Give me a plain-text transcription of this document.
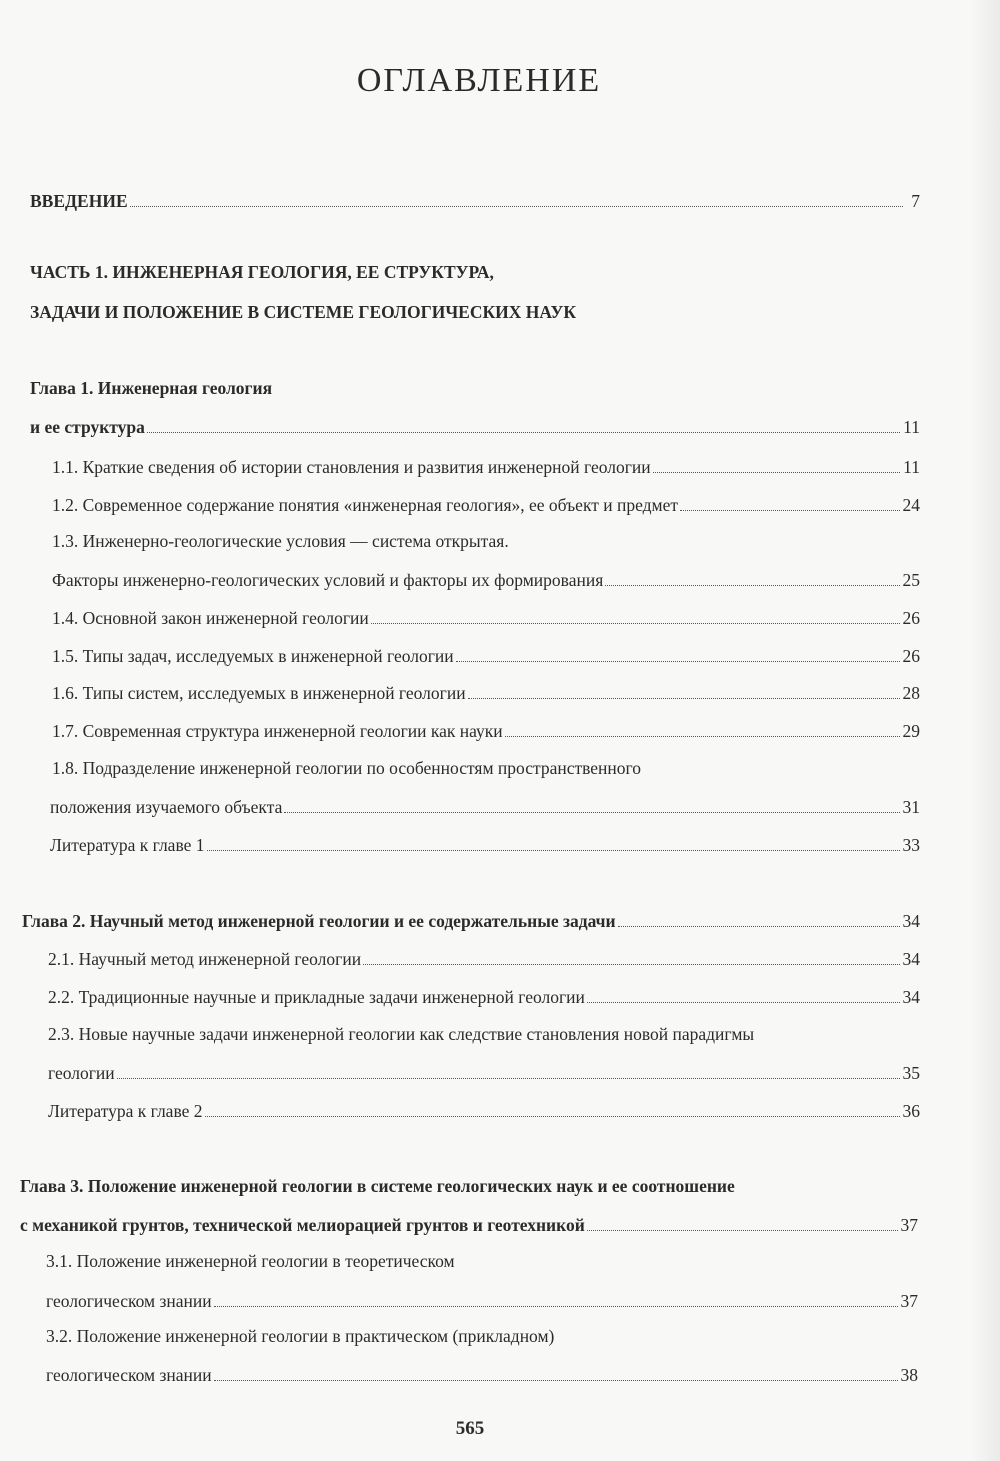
ОГЛАВЛЕНИЕ
ВВЕДЕНИЕ	7
ЧАСТЬ 1. ИНЖЕНЕРНАЯ ГЕОЛОГИЯ, ЕЕ СТРУКТУРА,
ЗАДАЧИ И ПОЛОЖЕНИЕ В СИСТЕМЕ ГЕОЛОГИЧЕСКИХ НАУК
Глава 1. Инженерная геология
и ее структура	11
1.1. Краткие сведения об истории становления и развития инженерной геологии	11
1.2. Современное содержание понятия «инженерная геология», ее объект и предмет	24
1.3. Инженерно-геологические условия — система открытая.
Факторы инженерно-геологических условий и факторы их формирования	25
1.4. Основной закон инженерной геологии	26
1.5. Типы задач, исследуемых в инженерной геологии	26
1.6. Типы систем, исследуемых в инженерной геологии	28
1.7. Современная структура инженерной геологии как науки	29
1.8. Подразделение инженерной геологии по особенностям пространственного
положения изучаемого объекта	31
Литература к главе 1	33
Глава 2. Научный метод инженерной геологии и ее содержательные задачи	34
2.1. Научный метод инженерной геологии	34
2.2. Традиционные научные и прикладные задачи инженерной геологии	34
2.3. Новые научные задачи инженерной геологии как следствие становления новой парадигмы
геологии	35
Литература к главе 2	36
Глава 3. Положение инженерной геологии в системе геологических наук и ее соотношение
с механикой грунтов, технической мелиорацией грунтов и геотехникой	37
3.1. Положение инженерной геологии в теоретическом
геологическом знании	37
3.2. Положение инженерной геологии в практическом (прикладном)
геологическом знании	38
565
